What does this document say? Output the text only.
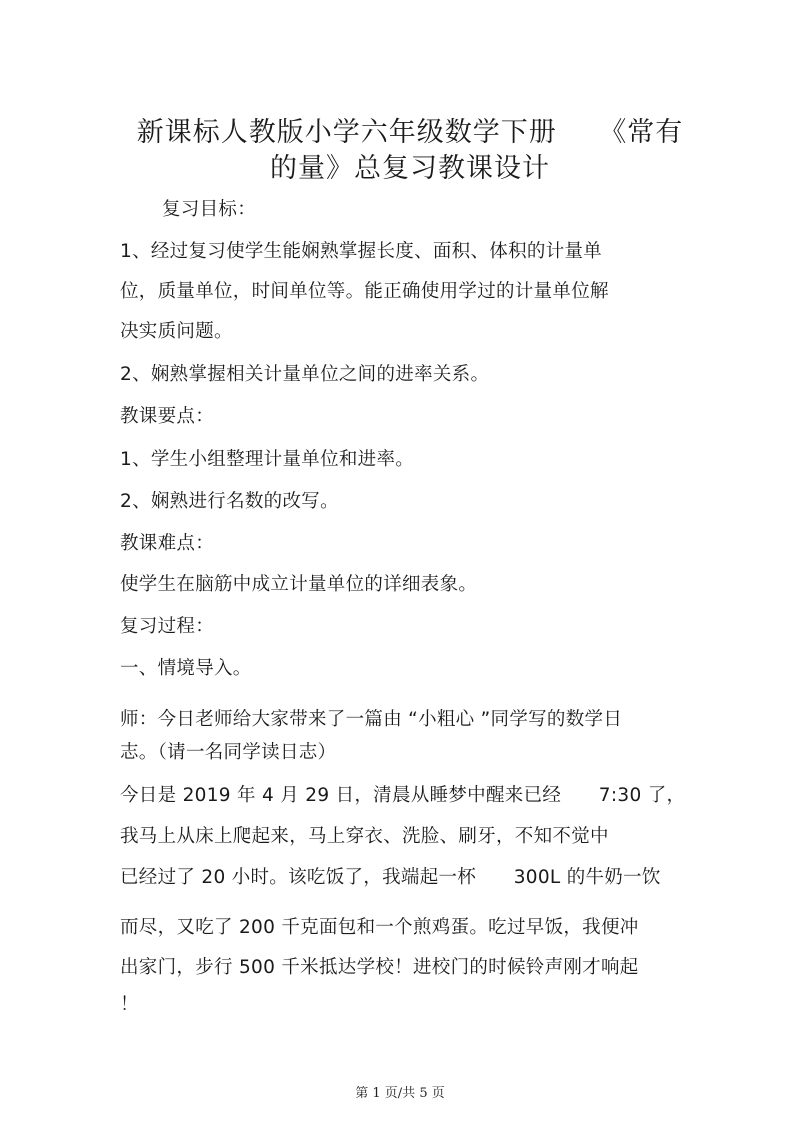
新课标人教版小学六年级数学下册　　《常有
的量》总复习教课设计
复习目标：
1、经过复习使学生能娴熟掌握长度、面积、体积的计量单
位，质量单位，时间单位等。能正确使用学过的计量单位解
决实质问题。
2、娴熟掌握相关计量单位之间的进率关系。
教课要点：
1、学生小组整理计量单位和进率。
2、娴熟进行名数的改写。
教课难点：
使学生在脑筋中成立计量单位的详细表象。
复习过程：
一、情境导入。
师：今日老师给大家带来了一篇由 “小粗心 ”同学写的数学日
志。（请一名同学读日志）
今日是 2019 年 4 月 29 日，清晨从睡梦中醒来已经　　7:30 了，
我马上从床上爬起来，马上穿衣、洗脸、刷牙，不知不觉中
已经过了 20 小时。该吃饭了，我端起一杯　　300L 的牛奶一饮
而尽，又吃了 200 千克面包和一个煎鸡蛋。吃过早饭，我便冲
出家门，步行 500 千米抵达学校！进校门的时候铃声刚才响起
！
第 1 页/共 5 页
